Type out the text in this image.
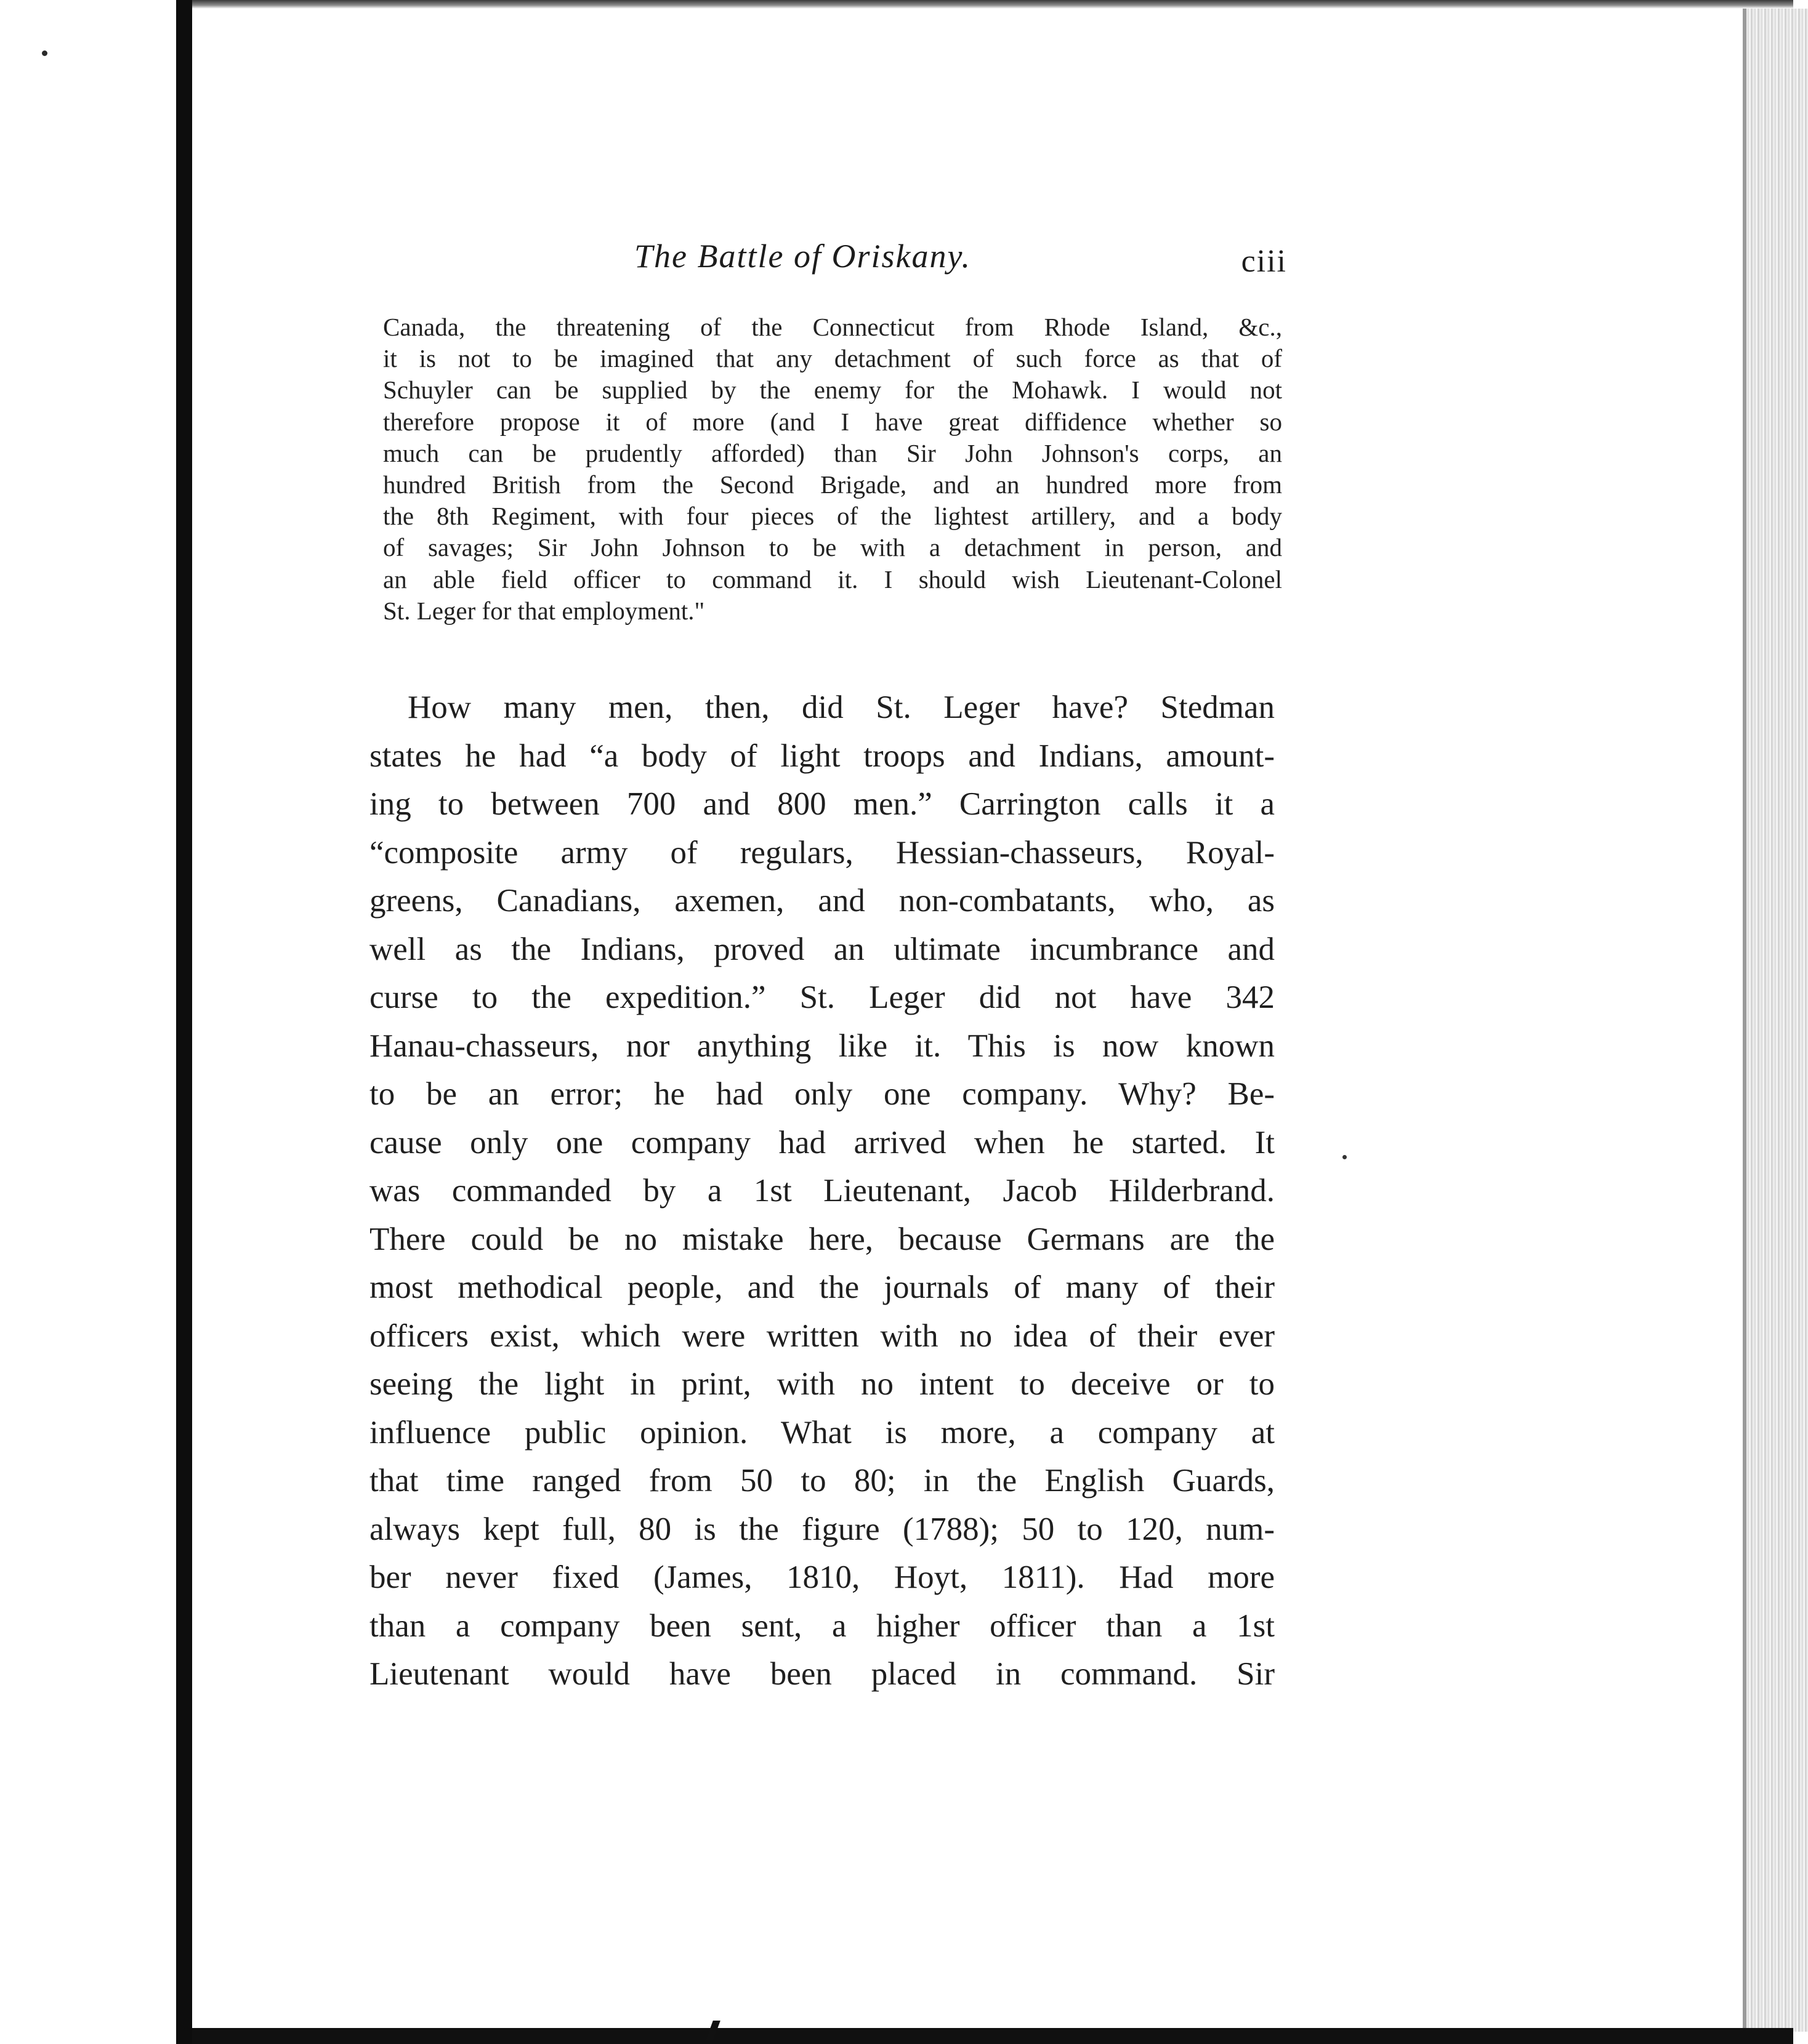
The Battle of Oriskany.	ciii
Canada, the threatening of the Connecticut from Rhode Island, &c.,
it is not to be imagined that any detachment of such force as that of
Schuyler can be supplied by the enemy for the Mohawk. I would not
therefore propose it of more (and I have great diffidence whether so
much can be prudently afforded) than Sir John Johnson's corps, an
hundred British from the Second Brigade, and an hundred more from
the 8th Regiment, with four pieces of the lightest artillery, and a body
of savages; Sir John Johnson to be with a detachment in person, and
an able field officer to command it. I should wish Lieutenant-Colonel
St. Leger for that employment."
How many men, then, did St. Leger have? Stedman
states he had “a body of light troops and Indians, amount-
ing to between 700 and 800 men.” Carrington calls it a
“composite army of regulars, Hessian-chasseurs, Royal-
greens, Canadians, axemen, and non-combatants, who, as
well as the Indians, proved an ultimate incumbrance and
curse to the expedition.” St. Leger did not have 342
Hanau-chasseurs, nor anything like it. This is now known
to be an error; he had only one company. Why? Be-
cause only one company had arrived when he started. It
was commanded by a 1st Lieutenant, Jacob Hilderbrand.
There could be no mistake here, because Germans are the
most methodical people, and the journals of many of their
officers exist, which were written with no idea of their ever
seeing the light in print, with no intent to deceive or to
influence public opinion. What is more, a company at
that time ranged from 50 to 80; in the English Guards,
always kept full, 80 is the figure (1788); 50 to 120, num-
ber never fixed (James, 1810, Hoyt, 1811). Had more
than a company been sent, a higher officer than a 1st
Lieutenant would have been placed in command. Sir
